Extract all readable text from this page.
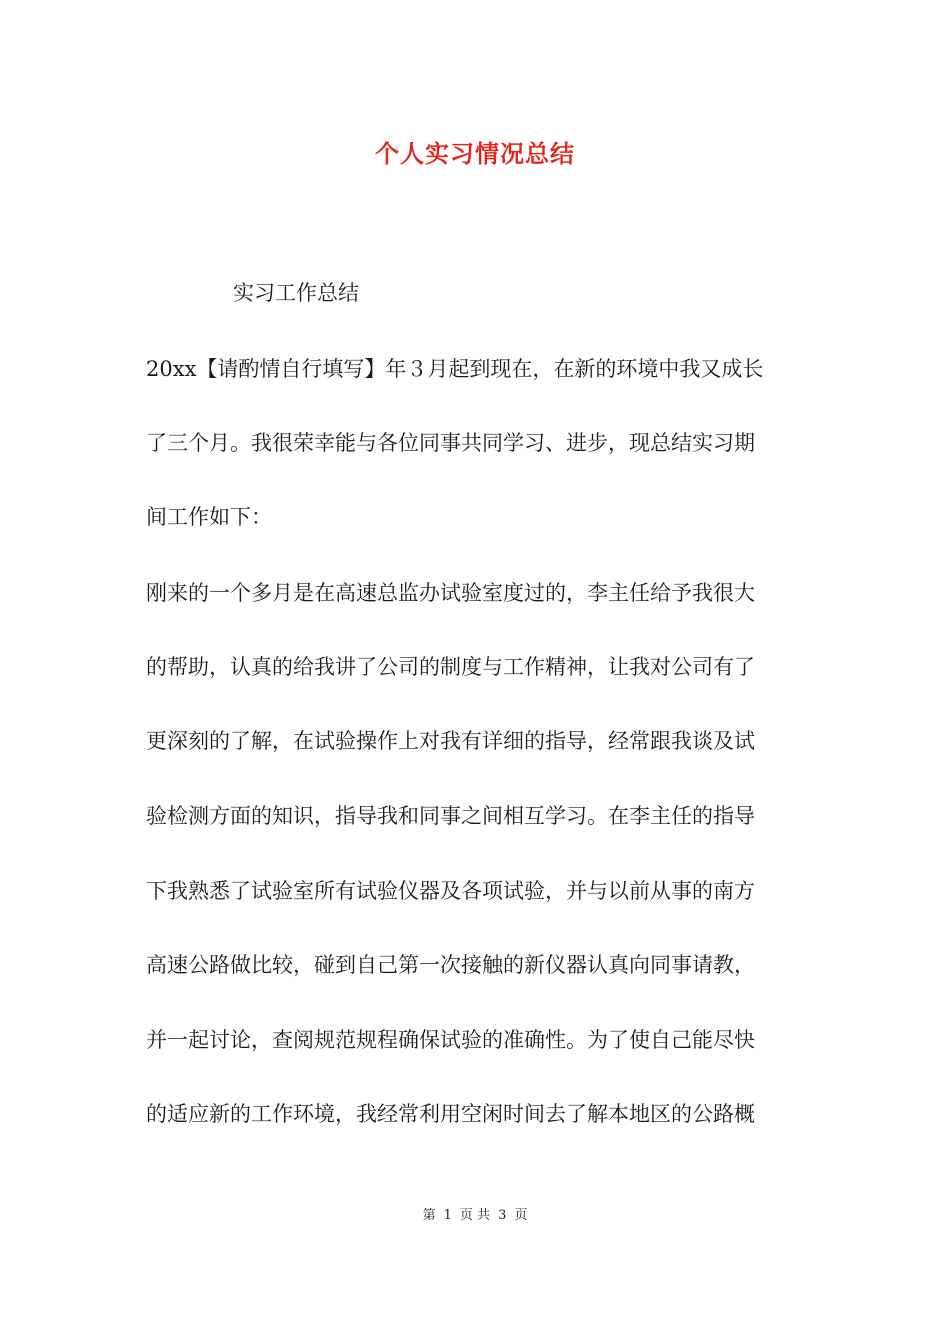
个人实习情况总结
实习工作总结
20xx【请酌情自行填写】年３月起到现在，在新的环境中我又成长
了三个月。我很荣幸能与各位同事共同学习、进步，现总结实习期
间工作如下：
刚来的一个多月是在高速总监办试验室度过的，李主任给予我很大
的帮助，认真的给我讲了公司的制度与工作精神，让我对公司有了
更深刻的了解，在试验操作上对我有详细的指导，经常跟我谈及试
验检测方面的知识，指导我和同事之间相互学习。在李主任的指导
下我熟悉了试验室所有试验仪器及各项试验，并与以前从事的南方
高速公路做比较，碰到自己第一次接触的新仪器认真向同事请教，
并一起讨论，查阅规范规程确保试验的准确性。为了使自己能尽快
的适应新的工作环境，我经常利用空闲时间去了解本地区的公路概
第 1 页 共 3 页
